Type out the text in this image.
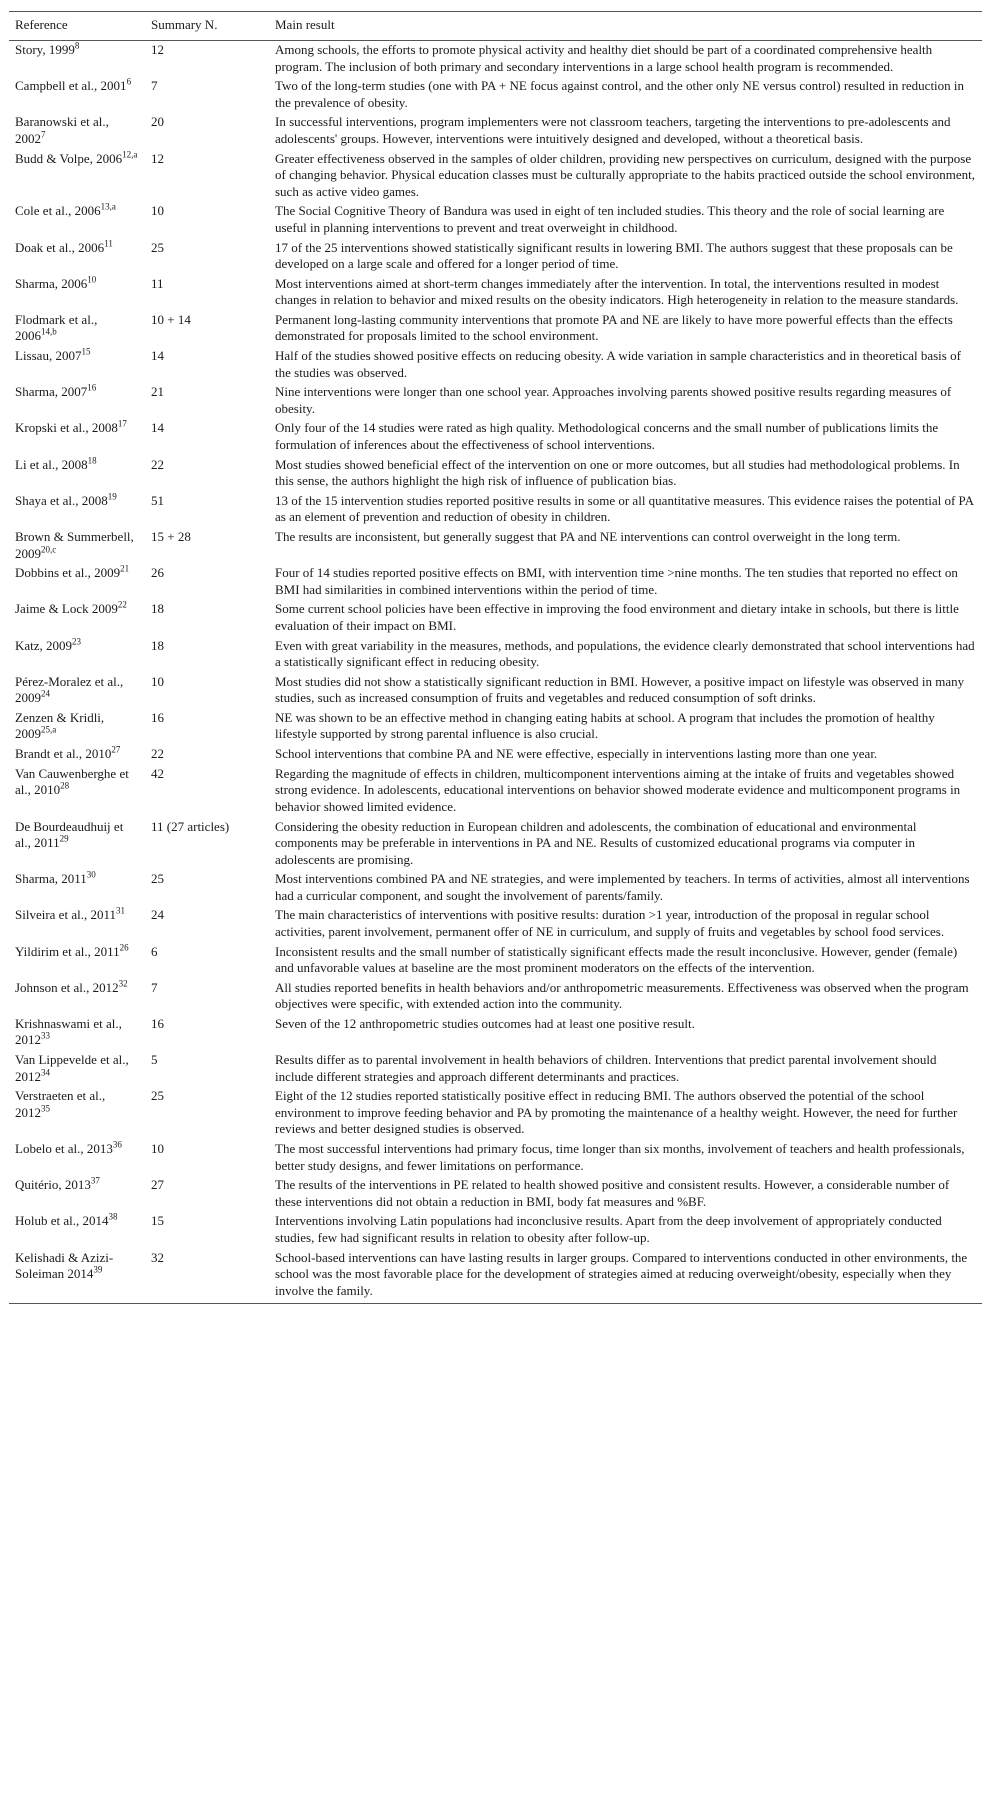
Reference	Summary N.	Main result
Story, 1999$^8$	12	Among schools, the efforts to promote physical activity and healthy diet should be part of a coordinated comprehensive health program. The inclusion of both primary and secondary interventions in a large school health program is recommended.
Campbell et al., 2001$^6$	7	Two of the long-term studies (one with PA + NE focus against control, and the other only NE versus control) resulted in reduction in the prevalence of obesity.
Baranowski et al., 2002$^7$	20	In successful interventions, program implementers were not classroom teachers, targeting the interventions to pre-adolescents and adolescents' groups. However, interventions were intuitively designed and developed, without a theoretical basis.
Budd & Volpe, 2006$^{12,a}$	12	Greater effectiveness observed in the samples of older children, providing new perspectives on curriculum, designed with the purpose of changing behavior. Physical education classes must be culturally appropriate to the habits practiced outside the school environment, such as active video games.
Cole et al., 2006$^{13,a}$	10	The Social Cognitive Theory of Bandura was used in eight of ten included studies. This theory and the role of social learning are useful in planning interventions to prevent and treat overweight in childhood.
Doak et al., 2006$^{11}$	25	17 of the 25 interventions showed statistically significant results in lowering BMI. The authors suggest that these proposals can be developed on a large scale and offered for a longer period of time.
Sharma, 2006$^{10}$	11	Most interventions aimed at short-term changes immediately after the intervention. In total, the interventions resulted in modest changes in relation to behavior and mixed results on the obesity indicators. High heterogeneity in relation to the measure standards.
Flodmark et al., 2006$^{14,b}$	10 + 14	Permanent long-lasting community interventions that promote PA and NE are likely to have more powerful effects than the effects demonstrated for proposals limited to the school environment.
Lissau, 2007$^{15}$	14	Half of the studies showed positive effects on reducing obesity. A wide variation in sample characteristics and in theoretical basis of the studies was observed.
Sharma, 2007$^{16}$	21	Nine interventions were longer than one school year. Approaches involving parents showed positive results regarding measures of obesity.
Kropski et al., 2008$^{17}$	14	Only four of the 14 studies were rated as high quality. Methodological concerns and the small number of publications limits the formulation of inferences about the effectiveness of school interventions.
Li et al., 2008$^{18}$	22	Most studies showed beneficial effect of the intervention on one or more outcomes, but all studies had methodological problems. In this sense, the authors highlight the high risk of influence of publication bias.
Shaya et al., 2008$^{19}$	51	13 of the 15 intervention studies reported positive results in some or all quantitative measures. This evidence raises the potential of PA as an element of prevention and reduction of obesity in children.
Brown & Summerbell, 2009$^{20,c}$	15 + 28	The results are inconsistent, but generally suggest that PA and NE interventions can control overweight in the long term.
Dobbins et al., 2009$^{21}$	26	Four of 14 studies reported positive effects on BMI, with intervention time >nine months. The ten studies that reported no effect on BMI had similarities in combined interventions within the period of time.
Jaime & Lock 2009$^{22}$	18	Some current school policies have been effective in improving the food environment and dietary intake in schools, but there is little evaluation of their impact on BMI.
Katz, 2009$^{23}$	18	Even with great variability in the measures, methods, and populations, the evidence clearly demonstrated that school interventions had a statistically significant effect in reducing obesity.
Pérez-Moralez et al., 2009$^{24}$	10	Most studies did not show a statistically significant reduction in BMI. However, a positive impact on lifestyle was observed in many studies, such as increased consumption of fruits and vegetables and reduced consumption of soft drinks.
Zenzen & Kridli, 2009$^{25,a}$	16	NE was shown to be an effective method in changing eating habits at school. A program that includes the promotion of healthy lifestyle supported by strong parental influence is also crucial.
Brandt et al., 2010$^{27}$	22	School interventions that combine PA and NE were effective, especially in interventions lasting more than one year.
Van Cauwenberghe et al., 2010$^{28}$	42	Regarding the magnitude of effects in children, multicomponent interventions aiming at the intake of fruits and vegetables showed strong evidence. In adolescents, educational interventions on behavior showed moderate evidence and multicomponent programs in behavior showed limited evidence.
De Bourdeaudhuij et al., 2011$^{29}$	11 (27 articles)	Considering the obesity reduction in European children and adolescents, the combination of educational and environmental components may be preferable in interventions in PA and NE. Results of customized educational programs via computer in adolescents are promising.
Sharma, 2011$^{30}$	25	Most interventions combined PA and NE strategies, and were implemented by teachers. In terms of activities, almost all interventions had a curricular component, and sought the involvement of parents/family.
Silveira et al., 2011$^{31}$	24	The main characteristics of interventions with positive results: duration >1 year, introduction of the proposal in regular school activities, parent involvement, permanent offer of NE in curriculum, and supply of fruits and vegetables by school food services.
Yildirim et al., 2011$^{26}$	6	Inconsistent results and the small number of statistically significant effects made the result inconclusive. However, gender (female) and unfavorable values at baseline are the most prominent moderators on the effects of the intervention.
Johnson et al., 2012$^{32}$	7	All studies reported benefits in health behaviors and/or anthropometric measurements. Effectiveness was observed when the program objectives were specific, with extended action into the community.
Krishnaswami et al., 2012$^{33}$	16	Seven of the 12 anthropometric studies outcomes had at least one positive result.
Van Lippevelde et al., 2012$^{34}$	5	Results differ as to parental involvement in health behaviors of children. Interventions that predict parental involvement should include different strategies and approach different determinants and practices.
Verstraeten et al., 2012$^{35}$	25	Eight of the 12 studies reported statistically positive effect in reducing BMI. The authors observed the potential of the school environment to improve feeding behavior and PA by promoting the maintenance of a healthy weight. However, the need for further reviews and better designed studies is observed.
Lobelo et al., 2013$^{36}$	10	The most successful interventions had primary focus, time longer than six months, involvement of teachers and health professionals, better study designs, and fewer limitations on performance.
Quitério, 2013$^{37}$	27	The results of the interventions in PE related to health showed positive and consistent results. However, a considerable number of these interventions did not obtain a reduction in BMI, body fat measures and %BF.
Holub et al., 2014$^{38}$	15	Interventions involving Latin populations had inconclusive results. Apart from the deep involvement of appropriately conducted studies, few had significant results in relation to obesity after follow-up.
Kelishadi & Azizi-Soleiman 2014$^{39}$	32	School-based interventions can have lasting results in larger groups. Compared to interventions conducted in other environments, the school was the most favorable place for the development of strategies aimed at reducing overweight/obesity, especially when they involve the family.
